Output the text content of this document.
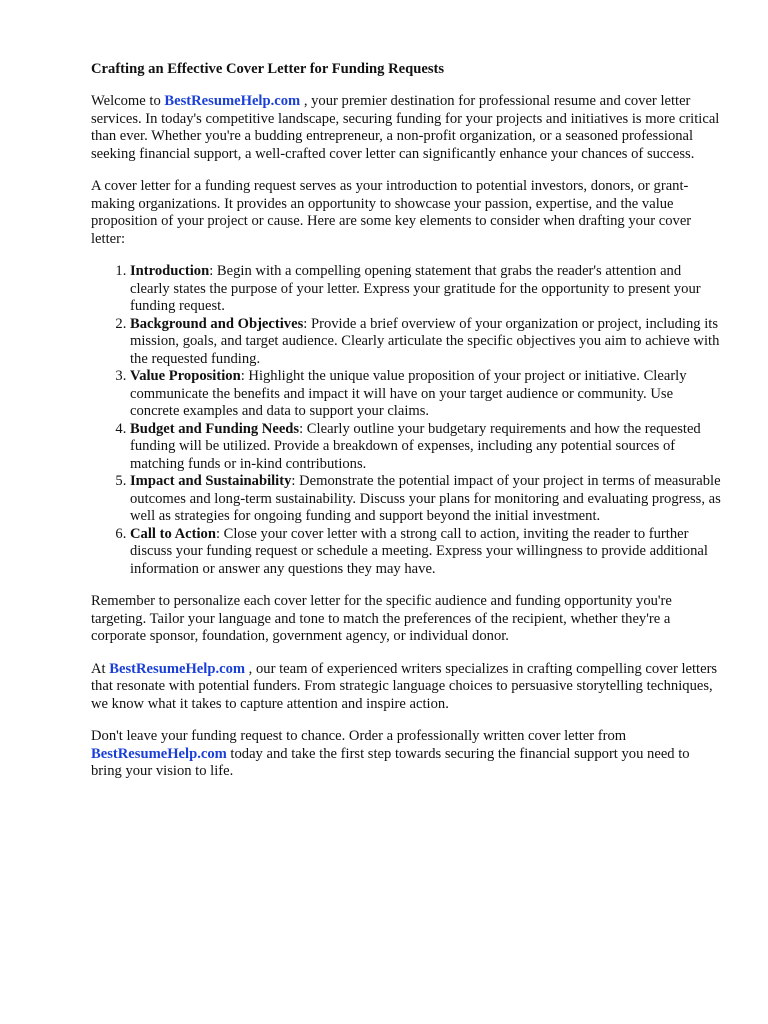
Crafting an Effective Cover Letter for Funding Requests

Welcome to BestResumeHelp.com , your premier destination for professional resume and cover letter services. In today's competitive landscape, securing funding for your projects and initiatives is more critical than ever. Whether you're a budding entrepreneur, a non-profit organization, or a seasoned professional seeking financial support, a well-crafted cover letter can significantly enhance your chances of success.

A cover letter for a funding request serves as your introduction to potential investors, donors, or grant-making organizations. It provides an opportunity to showcase your passion, expertise, and the value proposition of your project or cause. Here are some key elements to consider when drafting your cover letter:

1. Introduction: Begin with a compelling opening statement that grabs the reader's attention and clearly states the purpose of your letter. Express your gratitude for the opportunity to present your funding request.
2. Background and Objectives: Provide a brief overview of your organization or project, including its mission, goals, and target audience. Clearly articulate the specific objectives you aim to achieve with the requested funding.
3. Value Proposition: Highlight the unique value proposition of your project or initiative. Clearly communicate the benefits and impact it will have on your target audience or community. Use concrete examples and data to support your claims.
4. Budget and Funding Needs: Clearly outline your budgetary requirements and how the requested funding will be utilized. Provide a breakdown of expenses, including any potential sources of matching funds or in-kind contributions.
5. Impact and Sustainability: Demonstrate the potential impact of your project in terms of measurable outcomes and long-term sustainability. Discuss your plans for monitoring and evaluating progress, as well as strategies for ongoing funding and support beyond the initial investment.
6. Call to Action: Close your cover letter with a strong call to action, inviting the reader to further discuss your funding request or schedule a meeting. Express your willingness to provide additional information or answer any questions they may have.

Remember to personalize each cover letter for the specific audience and funding opportunity you're targeting. Tailor your language and tone to match the preferences of the recipient, whether they're a corporate sponsor, foundation, government agency, or individual donor.

At BestResumeHelp.com , our team of experienced writers specializes in crafting compelling cover letters that resonate with potential funders. From strategic language choices to persuasive storytelling techniques, we know what it takes to capture attention and inspire action.

Don't leave your funding request to chance. Order a professionally written cover letter from BestResumeHelp.com today and take the first step towards securing the financial support you need to bring your vision to life.
